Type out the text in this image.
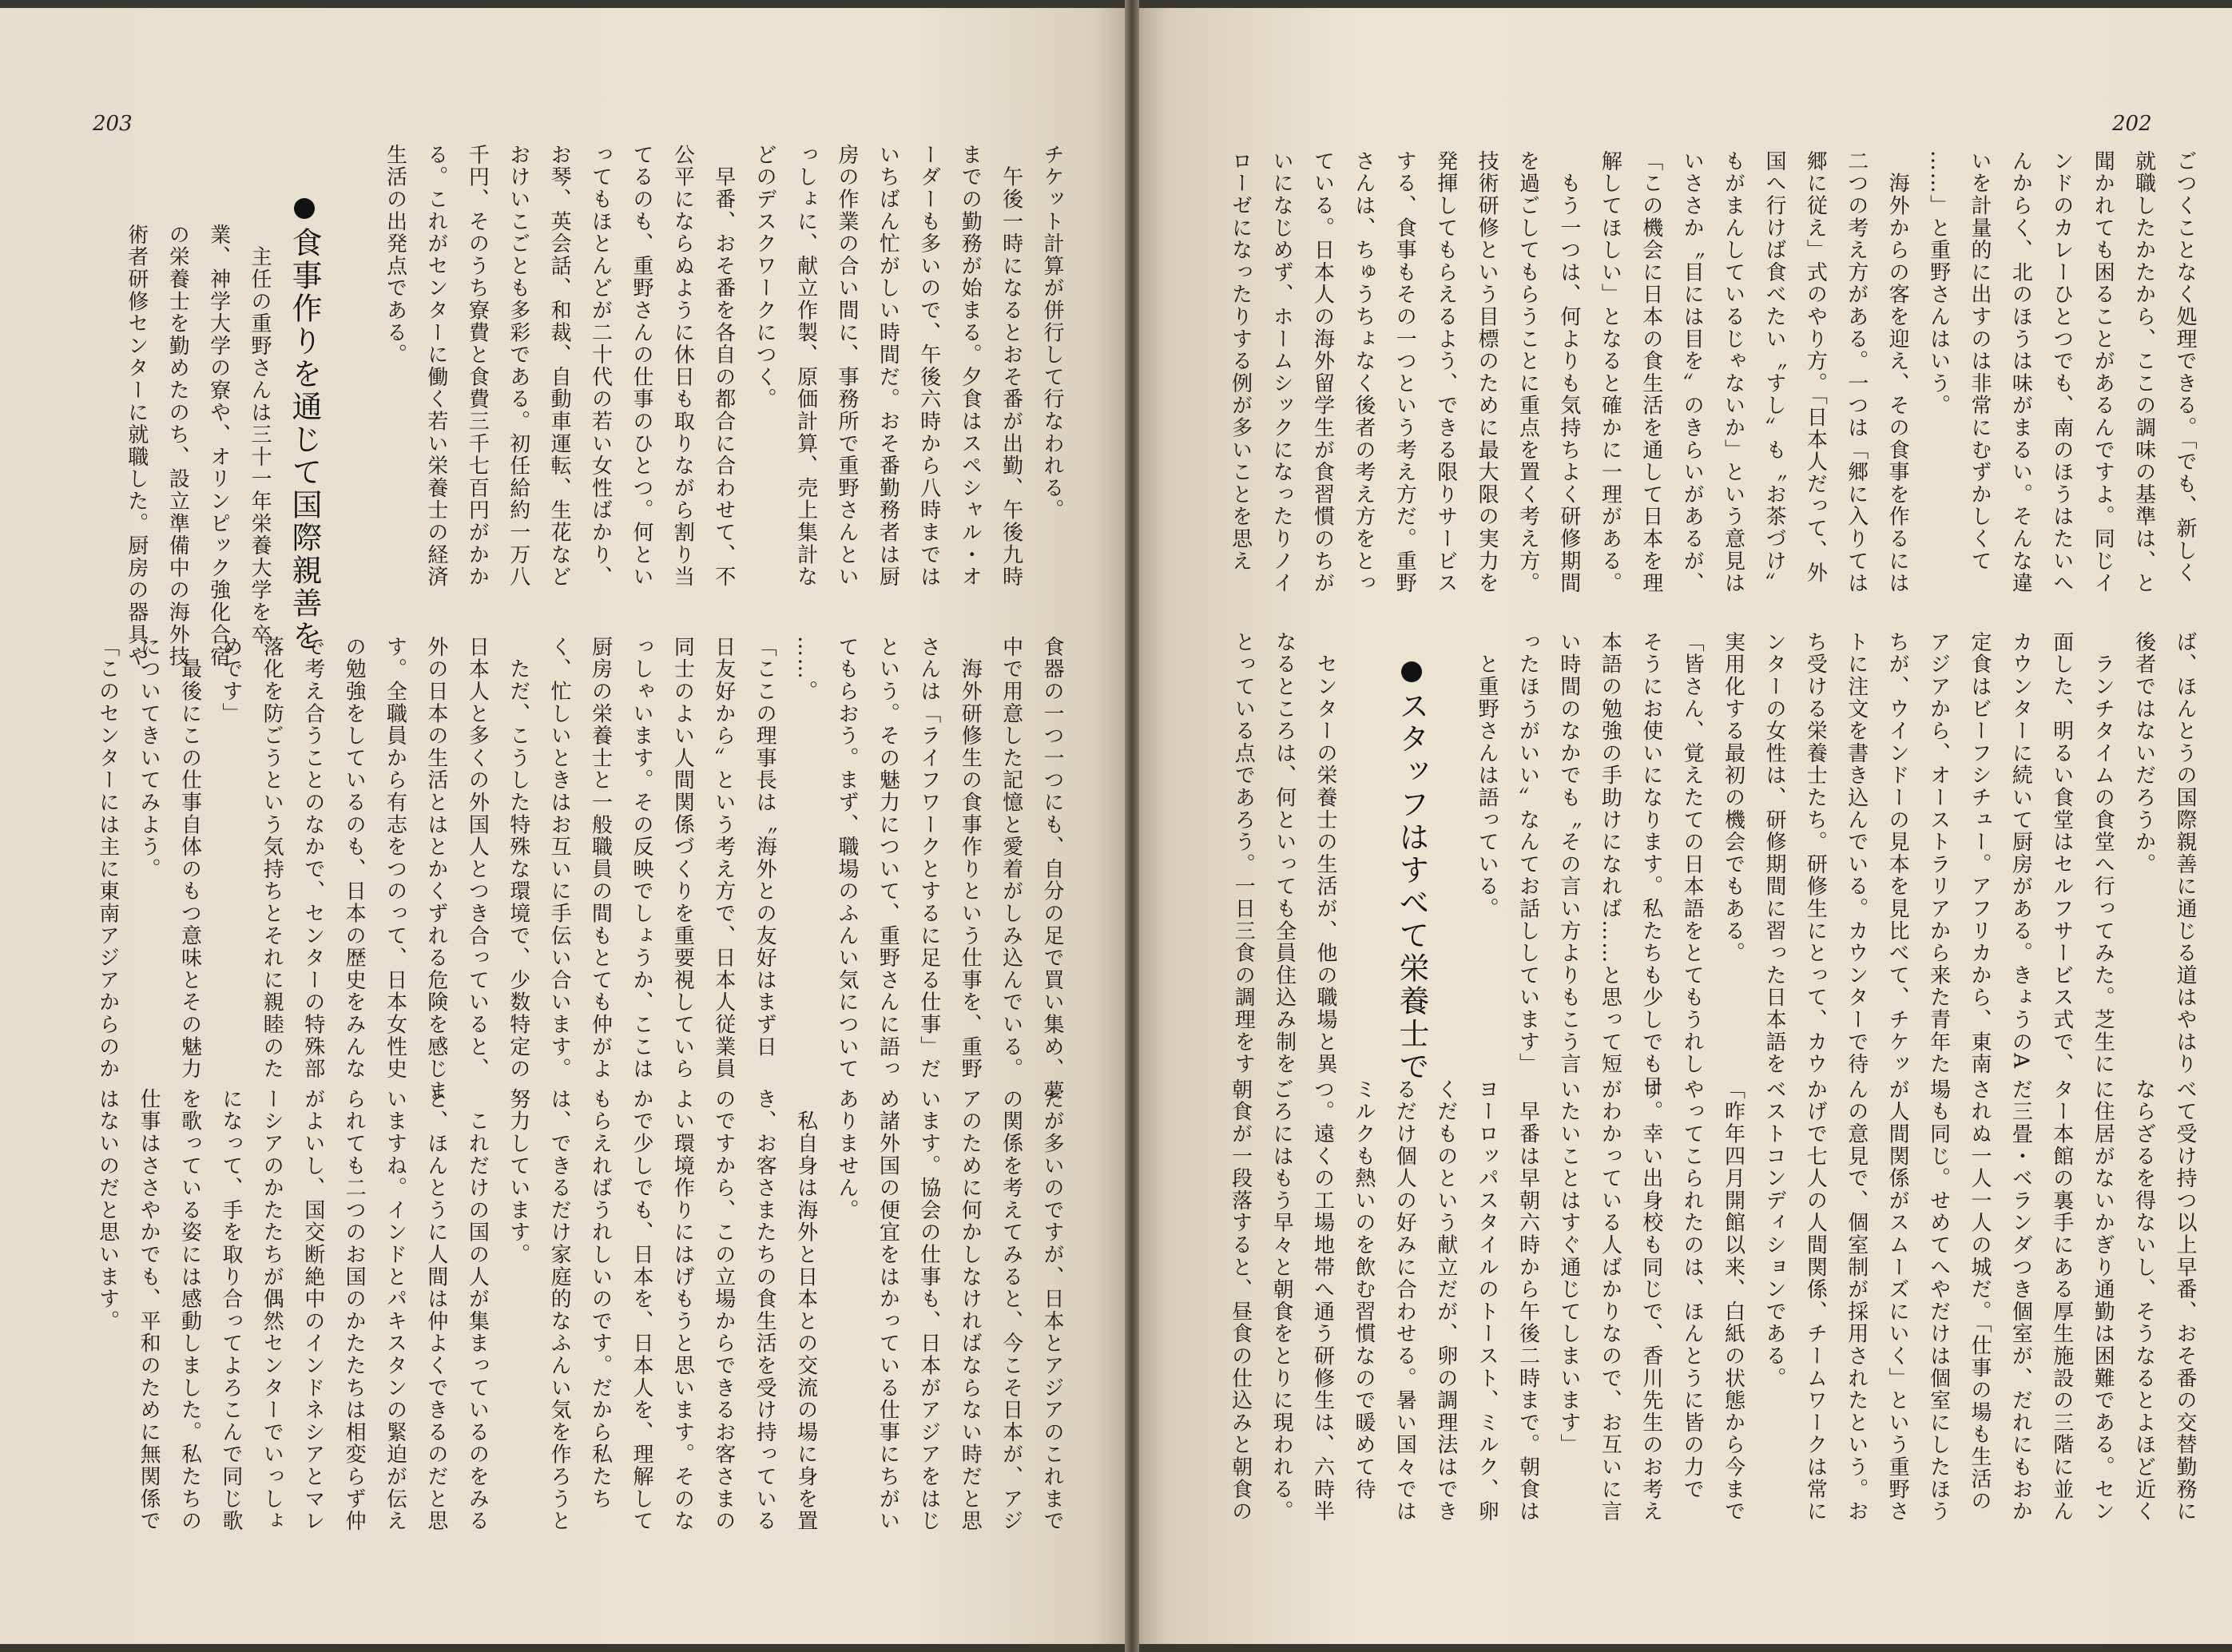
203
チケット計算が併行して行なわれる。
　午後一時になるとおそ番が出勤、午後九時
までの勤務が始まる。夕食はスペシャル・オ
ーダーも多いので、午後六時から八時までは
いちばん忙がしい時間だ。おそ番勤務者は厨
房の作業の合い間に、事務所で重野さんとい
っしょに、献立作製、原価計算、売上集計な
どのデスクワークにつく。
　早番、おそ番を各自の都合に合わせて、不
公平にならぬように休日も取りながら割り当
てるのも、重野さんの仕事のひとつ。何とい
ってもほとんどが二十代の若い女性ばかり、
お琴、英会話、和裁、自動車運転、生花など
おけいこごとも多彩である。初任給約一万八
千円、そのうち寮費と食費三千七百円がかか
る。これがセンターに働く若い栄養士の経済
生活の出発点である。
食事作りを通じて国際親善を
　主任の重野さんは三十一年栄養大学を卒
業、神学大学の寮や、オリンピック強化合宿
の栄養士を勤めたのち、設立準備中の海外技
術者研修センターに就職した。厨房の器具や
食器の一つ一つにも、自分の足で買い集め、夢
中で用意した記憶と愛着がしみ込んでいる。
　海外研修生の食事作りという仕事を、重野
さんは「ライフワークとするに足る仕事」だ
という。その魅力について、重野さんに語っ
てもらおう。まず、職場のふんい気について
……。
「ここの理事長は〝海外との友好はまず日
日友好から〟という考え方で、日本人従業員
同士のよい人間関係づくりを重要視していら
っしゃいます。その反映でしょうか、ここは
厨房の栄養士と一般職員の間もとても仲がよ
く、忙しいときはお互いに手伝い合います。
　ただ、こうした特殊な環境で、少数特定の
日本人と多くの外国人とつき合っていると、
外の日本の生活とはとかくずれる危険を感じま
す。全職員から有志をつのって、日本女性史
の勉強をしているのも、日本の歴史をみんな
で考え合うことのなかで、センターの特殊部
落化を防ごうという気持ちとそれに親睦のた
めです」
　最後にこの仕事自体のもつ意味とその魅力
についてきいてみよう。
「このセンターには主に東南アジアからのか
たが多いのですが、日本とアジアのこれまで
の関係を考えてみると、今こそ日本が、アジ
アのために何かしなければならない時だと思
います。協会の仕事も、日本がアジアをはじ
め諸外国の便宜をはかっている仕事にちがい
ありません。
　私自身は海外と日本との交流の場に身を置
き、お客さまたちの食生活を受け持っている
のですから、この立場からできるお客さまの
よい環境作りにはげもうと思います。そのな
かで少しでも、日本を、日本人を、理解して
もらえればうれしいのです。だから私たち
は、できるだけ家庭的なふんい気を作ろうと
努力しています。
　これだけの国の人が集まっているのをみる
と、ほんとうに人間は仲よくできるのだと思
いますね。インドとパキスタンの緊迫が伝え
られても二つのお国のかたたちは相変らず仲
がよいし、国交断絶中のインドネシアとマレ
ーシアのかたたちが偶然センターでいっしょ
になって、手を取り合ってよろこんで同じ歌
を歌っている姿には感動しました。私たちの
仕事はささやかでも、平和のために無関係で
はないのだと思います。
202
ごつくことなく処理できる。「でも、新しく
就職したかたから、ここの調味の基準は、と
聞かれても困ることがあるんですよ。同じイ
ンドのカレーひとつでも、南のほうはたいへ
んからく、北のほうは味がまるい。そんな違
いを計量的に出すのは非常にむずかしくて
……」と重野さんはいう。
　海外からの客を迎え、その食事を作るには
二つの考え方がある。一つは「郷に入りては
郷に従え」式のやり方。「日本人だって、外
国へ行けば食べたい〝すし〟も〝お茶づけ〟
もがまんしているじゃないか」という意見は
いささか〝目には目を〟のきらいがあるが、
「この機会に日本の食生活を通して日本を理
解してほしい」となると確かに一理がある。
　もう一つは、何よりも気持ちよく研修期間
を過ごしてもらうことに重点を置く考え方。
技術研修という目標のために最大限の実力を
発揮してもらえるよう、できる限りサービス
する、食事もその一つという考え方だ。重野
さんは、ちゅうちょなく後者の考え方をとっ
ている。日本人の海外留学生が食習慣のちが
いになじめず、ホームシックになったりノイ
ローゼになったりする例が多いことを思え
スタッフはすべて栄養士で
　センターの栄養士の生活が、他の職場と異
なるところは、何といっても全員住込み制を
とっている点であろう。一日三食の調理をす	ば、ほんとうの国際親善に通じる道はやはり
後者ではないだろうか。
　ランチタイムの食堂へ行ってみた。芝生に
面した、明るい食堂はセルフサービス式で、
カウンターに続いて厨房がある。きょうのA
定食はビーフシチュー。アフリカから、東南
アジアから、オーストラリアから来た青年た
ちが、ウインドーの見本を見比べて、チケッ
トに注文を書き込んでいる。カウンターで待
ち受ける栄養士たち。研修生にとって、カウ
ンターの女性は、研修期間に習った日本語を
実用化する最初の機会でもある。
「皆さん、覚えたての日本語をとてもうれし
そうにお使いになります。私たちも少しでも日
本語の勉強の手助けになれば……と思って短
い時間のなかでも〝その言い方よりもこう言
ったほうがいい〟なんてお話ししています」
　と重野さんは語っている。
べて受け持つ以上早番、おそ番の交替勤務に
ならざるを得ないし、そうなるとよほど近く
に住居がないかぎり通勤は困難である。セン
ター本館の裏手にある厚生施設の三階に並ん
だ三畳・ベランダつき個室が、だれにもおか
されぬ一人一人の城だ。「仕事の場も生活の
場も同じ。せめてへやだけは個室にしたほう
が人間関係がスムーズにいく」という重野さ
んの意見で、個室制が採用されたという。お
かげで七人の人間関係、チームワークは常に
ベストコンディションである。
「昨年四月開館以来、白紙の状態から今まで
やってこられたのは、ほんとうに皆の力で
す。幸い出身校も同じで、香川先生のお考え
がわかっている人ばかりなので、お互いに言
いたいことはすぐ通じてしまいます」
　早番は早朝六時から午後二時まで。朝食は
ヨーロッパスタイルのトースト、ミルク、卵
くだものという献立だが、卵の調理法はでき
るだけ個人の好みに合わせる。暑い国々では
ミルクも熱いのを飲む習慣なので暖めて待
つ。遠くの工場地帯へ通う研修生は、六時半
ごろにはもう早々と朝食をとりに現われる。
朝食が一段落すると、昼食の仕込みと朝食の
